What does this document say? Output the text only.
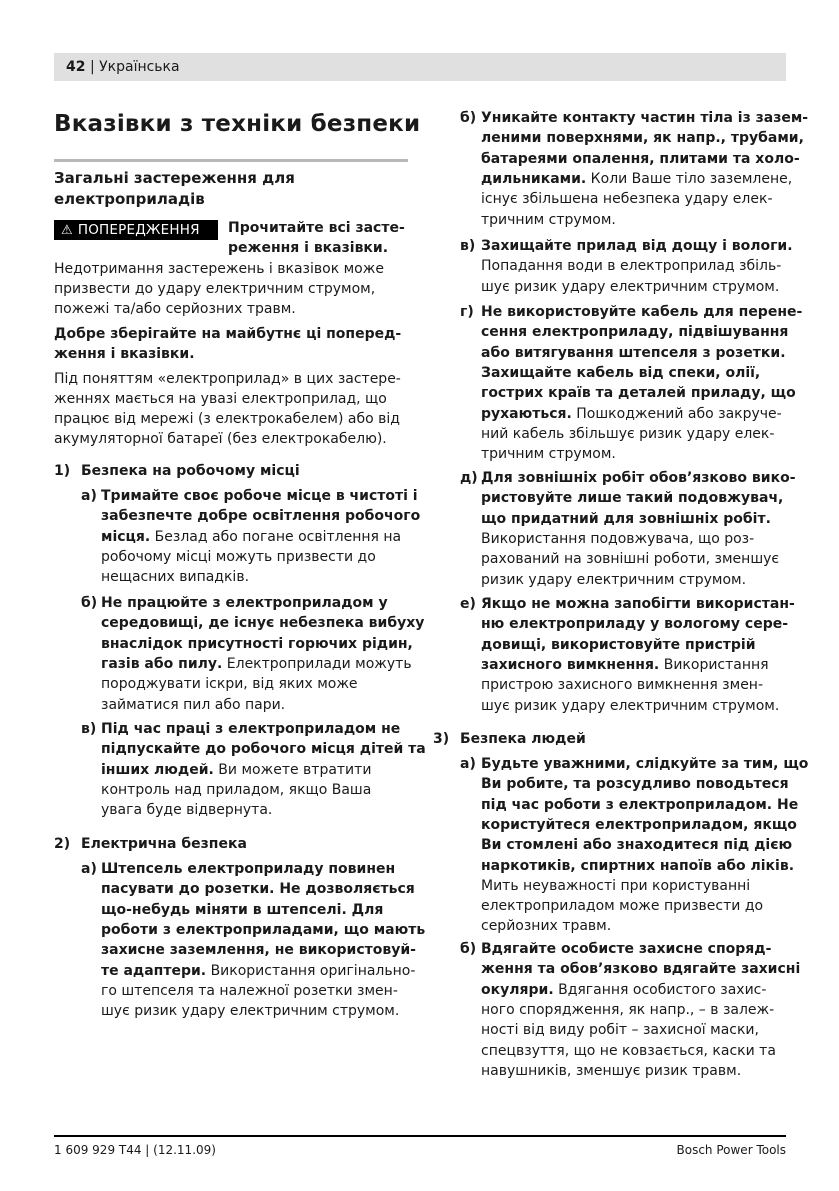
42 | Українська
Вказівки з техніки безпеки
Загальні застереження для
електроприладів
⚠ ПОПЕРЕДЖЕННЯ	Прочитайте всі засте-
реження і вказівки.
Недотримання застережень і вказівок може
призвести до удару електричним струмом,
пожежі та/або серйозних травм.
Добре зберігайте на майбутнє ці поперед-
ження і вказівки.
Під поняттям «електроприлад» в цих застере-
женнях мається на увазі електроприлад, що
працює від мережі (з електрокабелем) або від
акумуляторної батареї (без електрокабелю).
1) Безпека на робочому місці
а) Тримайте своє робоче місце в чистоті і
забезпечте добре освітлення робочого
місця. Безлад або погане освітлення на
робочому місці можуть призвести до
нещасних випадків.
б) Не працюйте з електроприладом у
середовищі, де існує небезпека вибуху
внаслідок присутності горючих рідин,
газів або пилу. Електроприлади можуть
породжувати іскри, від яких може
займатися пил або пари.
в) Під час праці з електроприладом не
підпускайте до робочого місця дітей та
інших людей. Ви можете втратити
контроль над приладом, якщо Ваша
увага буде відвернута.
а) Штепсель електроприладу повинен
пасувати до розетки. Не дозволяється
що-небудь міняти в штепселі. Для
роботи з електроприладами, що мають
захисне заземлення, не використовуй-
те адаптери. Використання оригінально-
го штепселя та належної розетки змен-
шує ризик удару електричним струмом.
б) Уникайте контакту частин тіла із зазем-
леними поверхнями, як напр., трубами,
батареями опалення, плитами та холо-
дильниками. Коли Ваше тіло заземлене,
існує збільшена небезпека удару елек-
тричним струмом.
в) Захищайте прилад від дощу і вологи.
Попадання води в електроприлад збіль-
шує ризик удару електричним струмом.
г) Не використовуйте кабель для перене-
сення електроприладу, підвішування
або витягування штепселя з розетки.
Захищайте кабель від спеки, олії,
гострих країв та деталей приладу, що
рухаються. Пошкоджений або закруче-
ний кабель збільшує ризик удару елек-
тричним струмом.
д) Для зовнішніх робіт обов’язково вико-
ристовуйте лише такий подовжувач,
що придатний для зовнішніх робіт.
Використання подовжувача, що роз-
рахований на зовнішні роботи, зменшує
ризик удару електричним струмом.
е) Якщо не можна запобігти використан-
ню електроприладу у вологому сере-
довищі, використовуйте пристрій
захисного вимкнення. Використання
пристрою захисного вимкнення змен-
шує ризик удару електричним струмом.
а) Будьте уважними, слідкуйте за тим, що
Ви робите, та розсудливо поводьтеся
під час роботи з електроприладом. Не
користуйтеся електроприладом, якщо
Ви стомлені або знаходитеся під дією
наркотиків, спиртних напоїв або ліків.
Мить неуважності при користуванні
електроприладом може призвести до
серйозних травм.
б) Вдягайте особисте захисне споряд-
ження та обов’язково вдягайте захисні
окуляри. Вдягання особистого захис-
ного спорядження, як напр., – в залеж-
ності від виду робіт – захисної маски,
спецвзуття, що не ковзається, каски та
навушників, зменшує ризик травм.
2) Електрична безпека
3) Безпека людей
1 609 929 T44 | (12.11.09)	Bosch Power Tools
